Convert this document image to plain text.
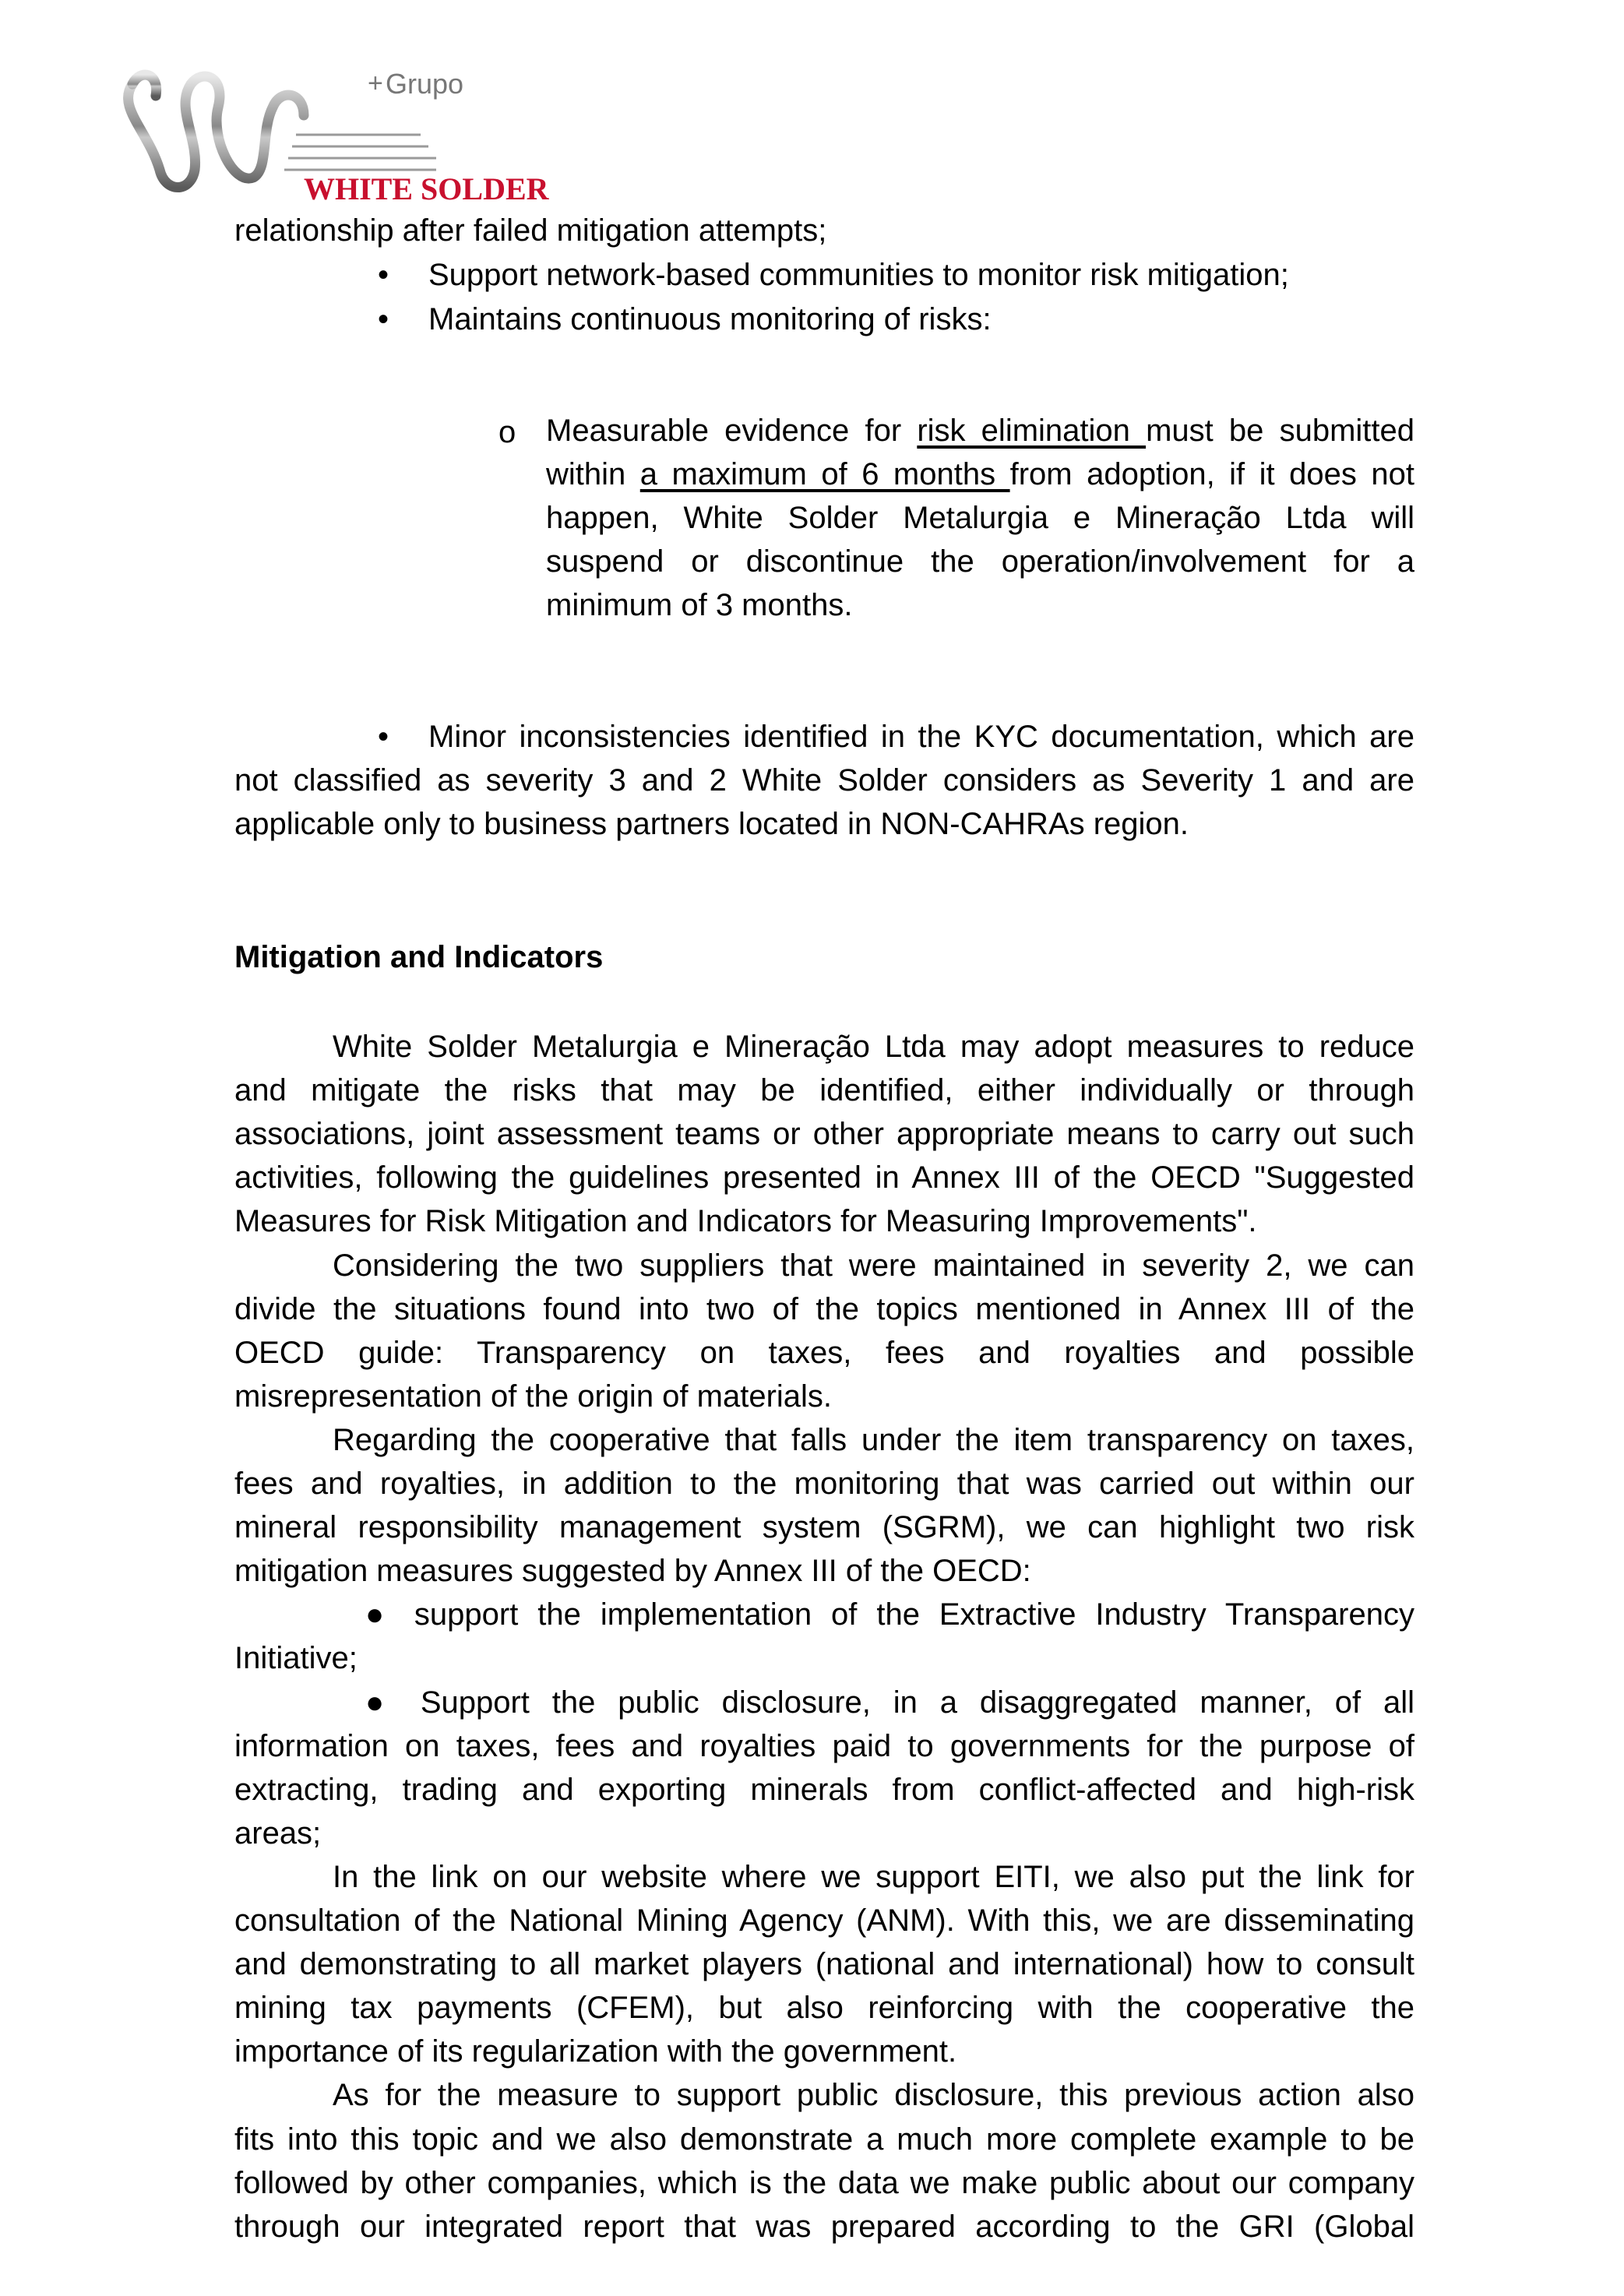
+ Grupo
WHITE SOLDER
relationship after failed mitigation attempts;
• Support network-based communities to monitor risk mitigation;
• Maintains continuous monitoring of risks:
o Measurable evidence for risk elimination must be submitted
within a maximum of 6 months from adoption, if it does not
happen, White Solder Metalurgia e Mineração Ltda will
suspend or discontinue the operation/involvement for a
minimum of 3 months.
• Minor inconsistencies identified in the KYC documentation, which are
not classified as severity 3 and 2 White Solder considers as Severity 1 and are
applicable only to business partners located in NON-CAHRAs region.
Mitigation and Indicators
White Solder Metalurgia e Mineração Ltda may adopt measures to reduce
and mitigate the risks that may be identified, either individually or through
associations, joint assessment teams or other appropriate means to carry out such
activities, following the guidelines presented in Annex III of the OECD "Suggested
Measures for Risk Mitigation and Indicators for Measuring Improvements".
Considering the two suppliers that were maintained in severity 2, we can
divide the situations found into two of the topics mentioned in Annex III of the
OECD guide: Transparency on taxes, fees and royalties and possible
misrepresentation of the origin of materials.
Regarding the cooperative that falls under the item transparency on taxes,
fees and royalties, in addition to the monitoring that was carried out within our
mineral responsibility management system (SGRM), we can highlight two risk
mitigation measures suggested by Annex III of the OECD:
● support the implementation of the Extractive Industry Transparency
Initiative;
● Support the public disclosure, in a disaggregated manner, of all
information on taxes, fees and royalties paid to governments for the purpose of
extracting, trading and exporting minerals from conflict-affected and high-risk
areas;
In the link on our website where we support EITI, we also put the link for
consultation of the National Mining Agency (ANM). With this, we are disseminating
and demonstrating to all market players (national and international) how to consult
mining tax payments (CFEM), but also reinforcing with the cooperative the
importance of its regularization with the government.
As for the measure to support public disclosure, this previous action also
fits into this topic and we also demonstrate a much more complete example to be
followed by other companies, which is the data we make public about our company
through our integrated report that was prepared according to the GRI (Global
